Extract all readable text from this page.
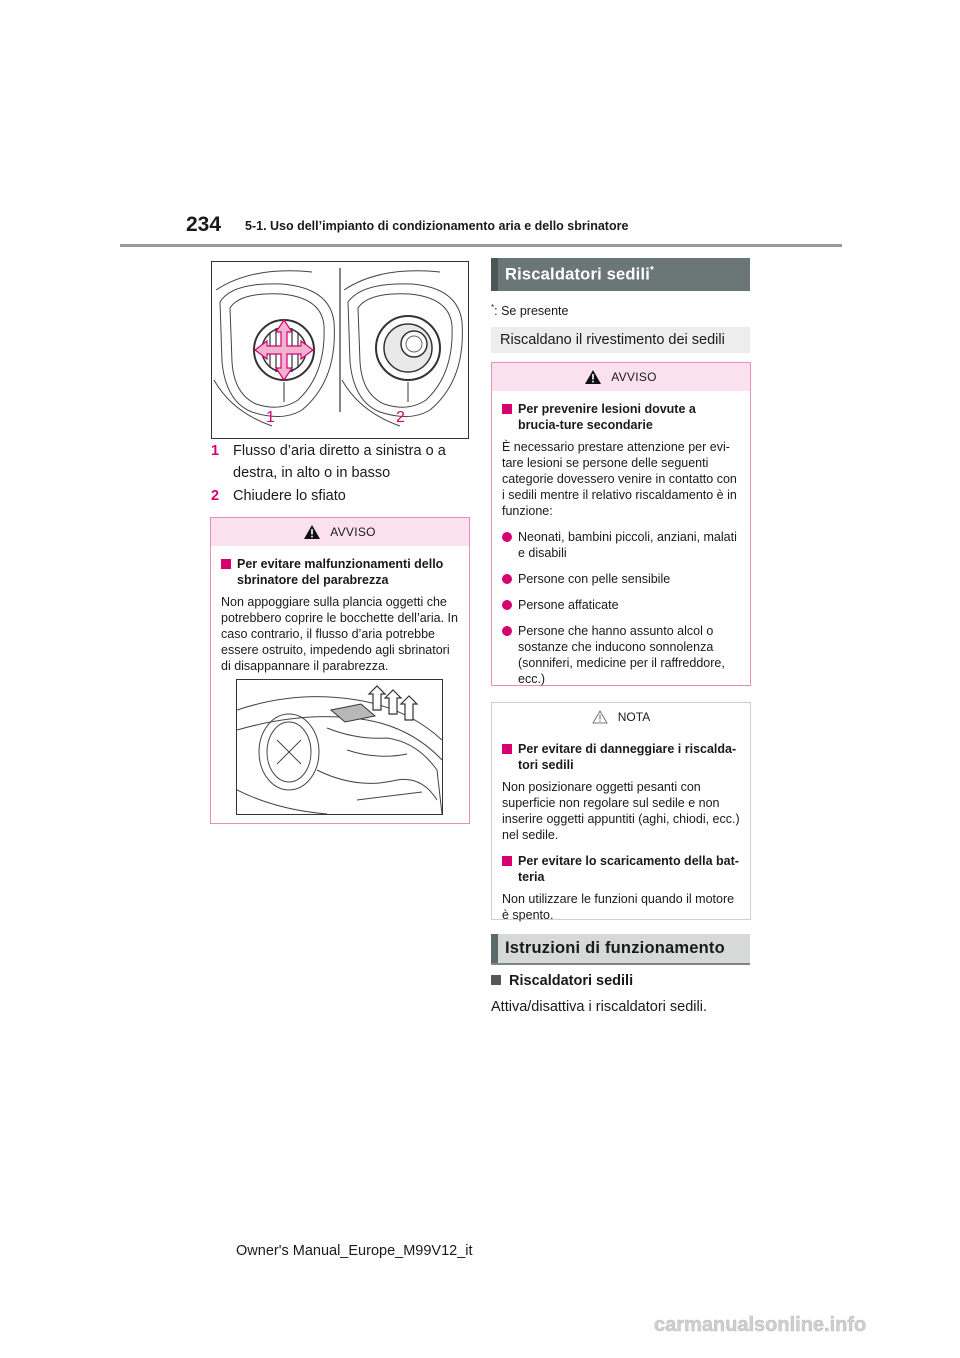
234 5-1. Uso dell’impianto di condizionamento aria e dello sbrinatore
1	2
1 Flusso d’aria diretto a sinistra o a destra, in alto o in basso
2 Chiudere lo sfiato
AVVISO
Per evitare malfunzionamenti dello sbrinatore del parabrezza

Non appoggiare sulla plancia oggetti che potrebbero coprire le bocchette dell’aria. In caso contrario, il flusso d’aria potrebbe essere ostruito, impedendo agli sbrinatori di disappannare il parabrezza.

Riscaldatori sedili*
*: Se presente
Riscaldano il rivestimento dei sedili
AVVISO
Per prevenire lesioni dovute a brucia-ture secondarie

È necessario prestare attenzione per evi-tare lesioni se persone delle seguenti categorie dovessero venire in contatto con i sedili mentre il relativo riscaldamento è in funzione:

Neonati, bambini piccoli, anziani, malati e disabili
Persone con pelle sensibile
Persone affaticate
Persone che hanno assunto alcol o sostanze che inducono sonnolenza (sonniferi, medicine per il raffreddore, ecc.)
NOTA
Per evitare di danneggiare i riscalda-tori sedili

Non posizionare oggetti pesanti con superficie non regolare sul sedile e non inserire oggetti appuntiti (aghi, chiodi, ecc.) nel sedile.

Per evitare lo scaricamento della bat-teria

Non utilizzare le funzioni quando il motore è spento.

Istruzioni di funzionamento
Riscaldatori sedili
Attiva/disattiva i riscaldatori sedili.
Owner's Manual_Europe_M99V12_it
carmanualsonline.info
